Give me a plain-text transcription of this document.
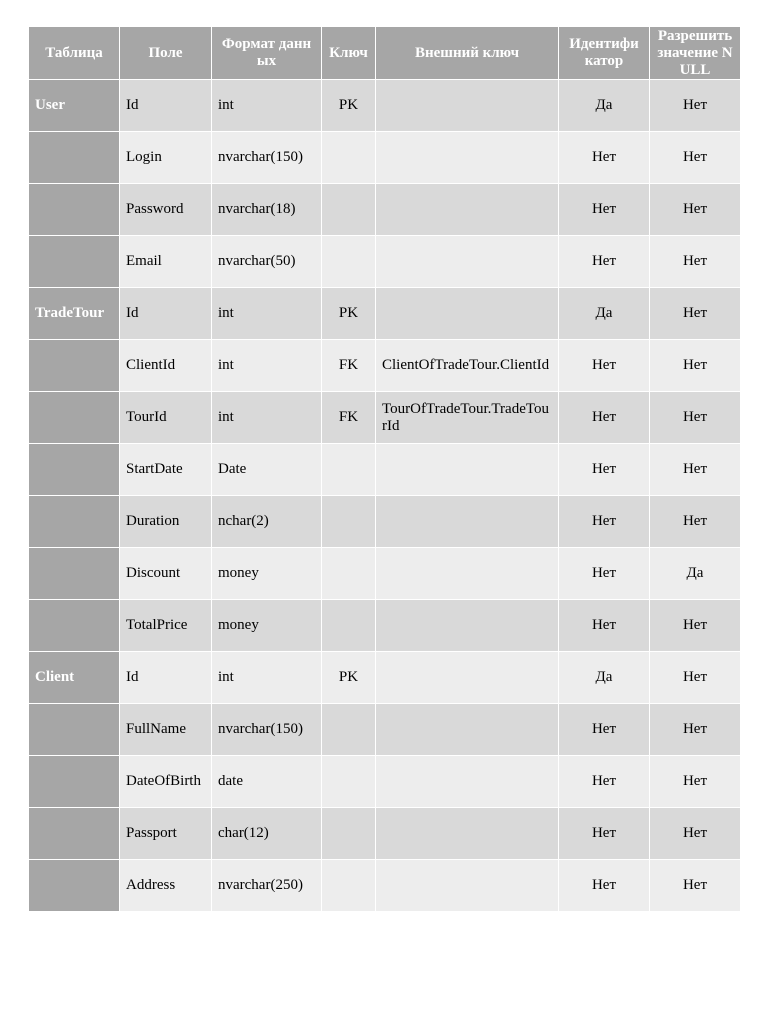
Таблица	Поле	Формат данных	Ключ	Внешний ключ	Идентификатор	Разрешить значение NULL
User	Id	int	PK		Да	Нет
	Login	nvarchar(150)			Нет	Нет
	Password	nvarchar(18)			Нет	Нет
	Email	nvarchar(50)			Нет	Нет
TradeTour	Id	int	PK		Да	Нет
	ClientId	int	FK	ClientOfTradeTour.ClientId	Нет	Нет
	TourId	int	FK	TourOfTradeTour.TradeTourId	Нет	Нет
	StartDate	Date			Нет	Нет
	Duration	nchar(2)			Нет	Нет
	Discount	money			Нет	Да
	TotalPrice	money			Нет	Нет
Client	Id	int	PK		Да	Нет
	FullName	nvarchar(150)			Нет	Нет
	DateOfBirth	date			Нет	Нет
	Passport	char(12)			Нет	Нет
	Address	nvarchar(250)			Нет	Нет
